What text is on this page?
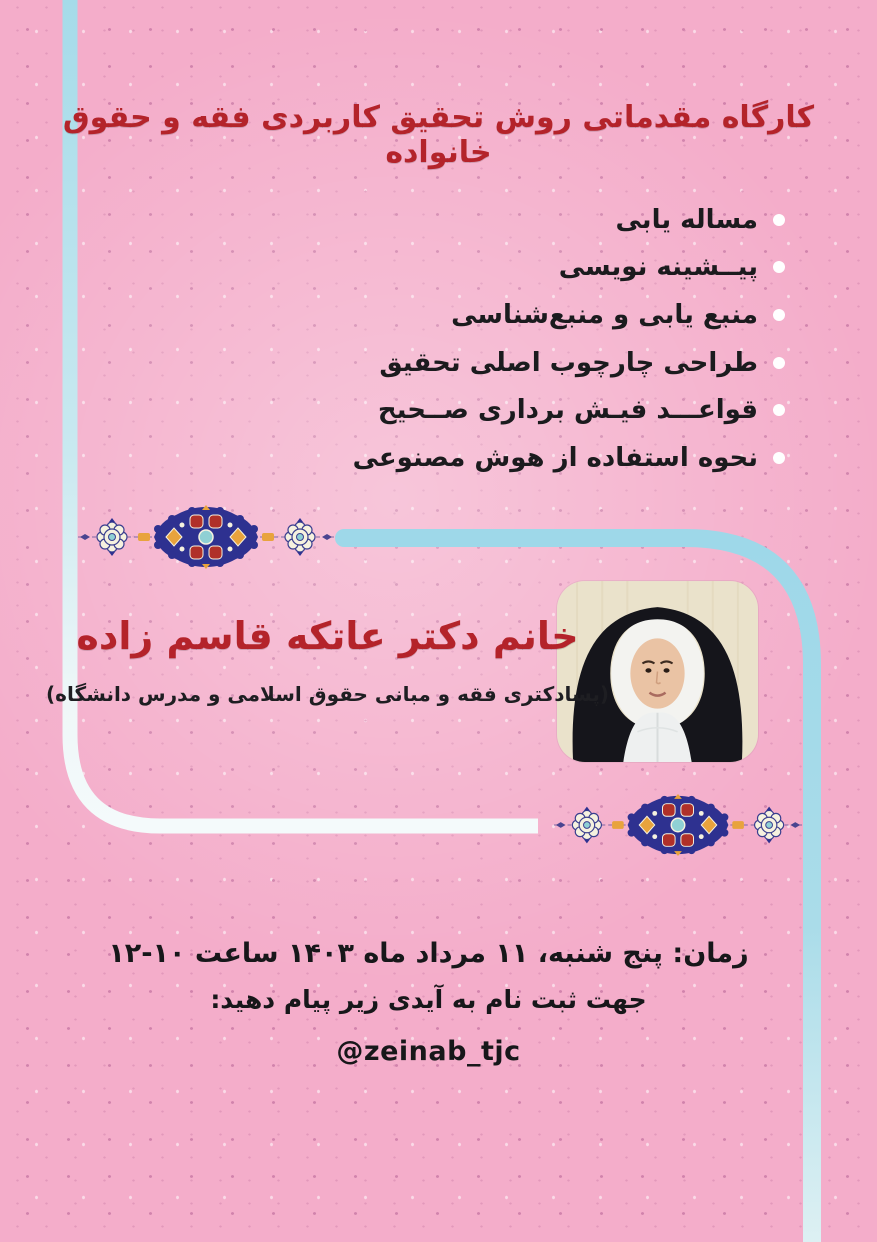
کارگاه مقدماتی روش تحقیق کاربردی فقه و حقوق خانواده
مساله یابی
پیــشینه نویسی
منبع یابی و منبع‌شناسی
طراحی چارچوب اصلی تحقیق
قواعـــد فیـش برداری صــحیح
نحوه استفاده از هوش مصنوعی
خانم دکتر عاتکه قاسم زاده
(پسادکتری فقه و مبانی حقوق اسلامی و مدرس دانشگاه)
زمان: پنج شنبه، ۱۱ مرداد ماه ۱۴۰۳ ساعت ۱۰-۱۲
جهت ثبت نام به آیدی زیر پیام دهید:
@zeinab_tjc
